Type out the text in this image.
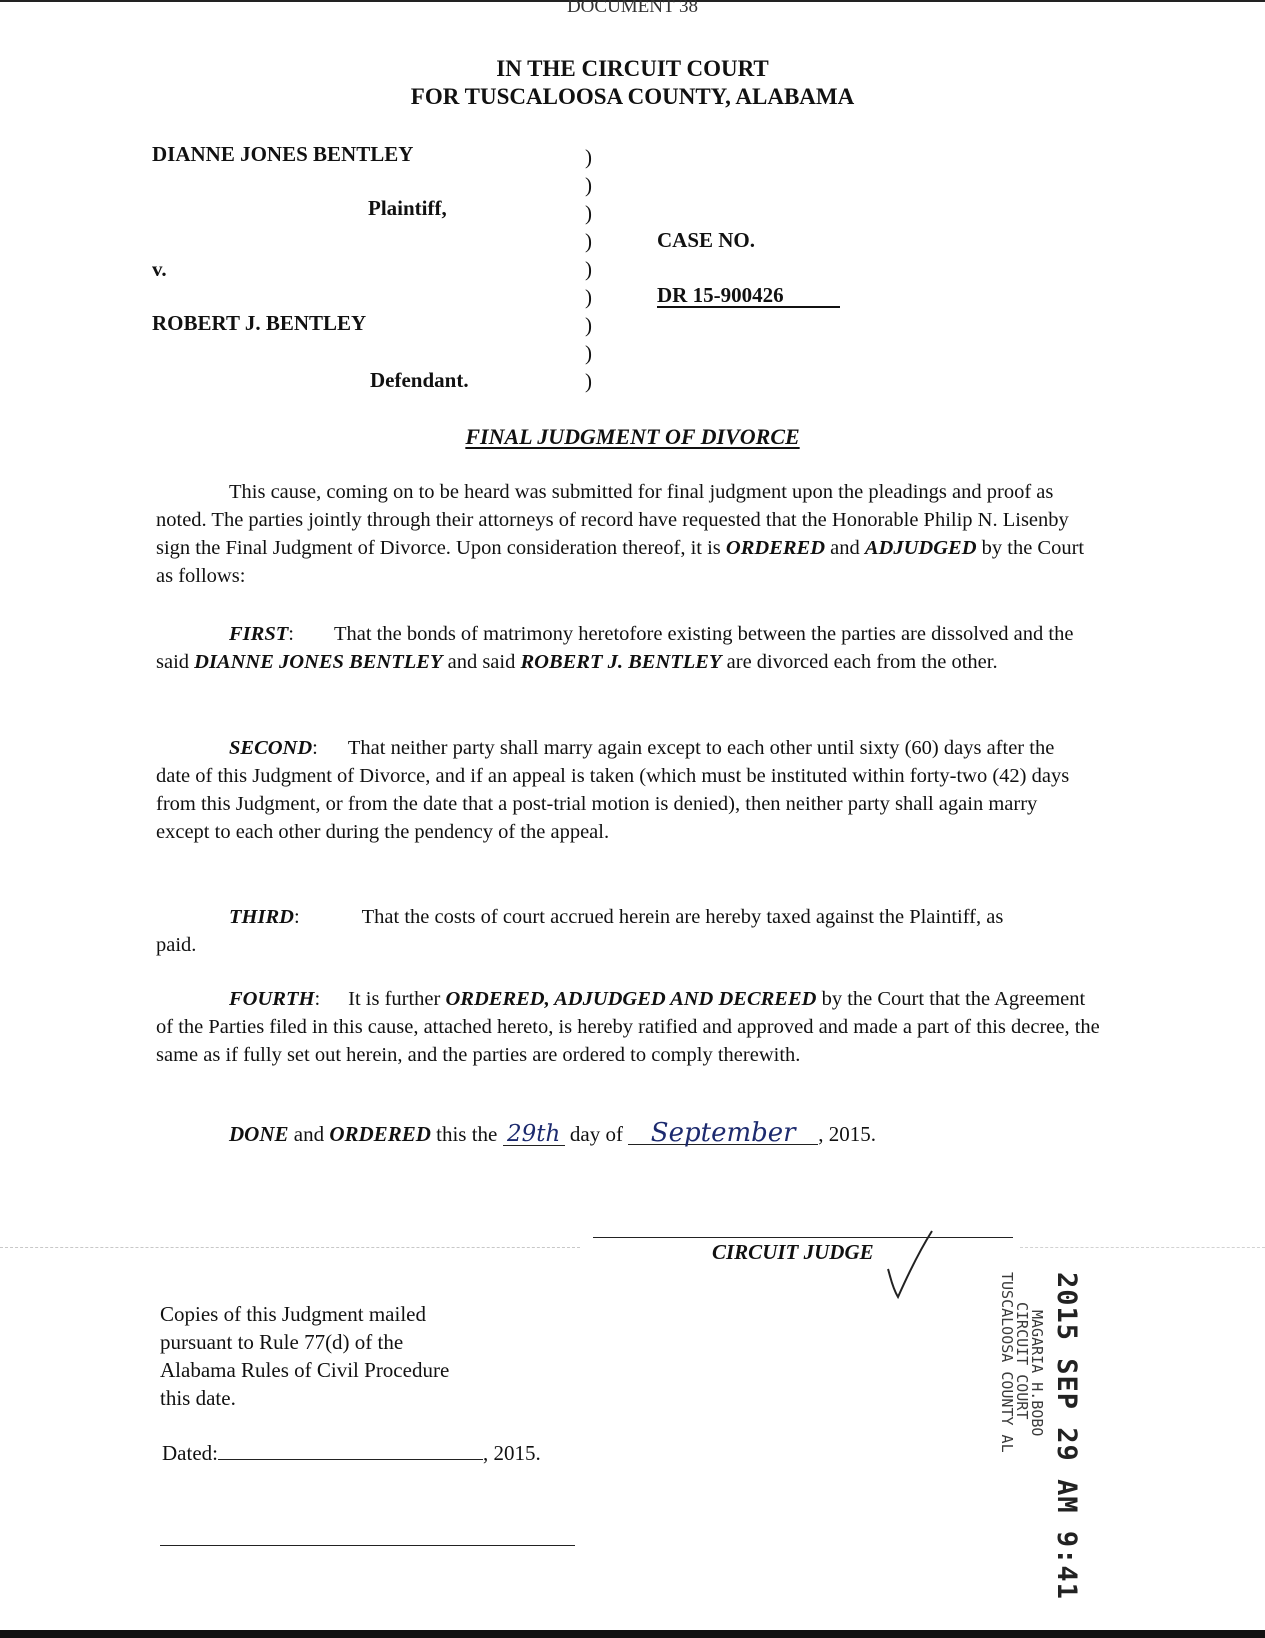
DOCUMENT 38
IN THE CIRCUIT COURT
FOR TUSCALOOSA COUNTY, ALABAMA
DIANNE JONES BENTLEY
Plaintiff,
v.
ROBERT J. BENTLEY
Defendant.
)
)
)
)
)
)
)
)
)
CASE NO.
DR 15-900426
FINAL JUDGMENT OF DIVORCE
This cause, coming on to be heard was submitted for final judgment upon the pleadings and proof as noted. The parties jointly through their attorneys of record have requested that the Honorable Philip N. Lisenby sign the Final Judgment of Divorce. Upon consideration thereof, it is ORDERED and ADJUDGED by the Court as follows:
FIRST: That the bonds of matrimony heretofore existing between the parties are dissolved and the said DIANNE JONES BENTLEY and said ROBERT J. BENTLEY are divorced each from the other.
SECOND: That neither party shall marry again except to each other until sixty (60) days after the date of this Judgment of Divorce, and if an appeal is taken (which must be instituted within forty-two (42) days from this Judgment, or from the date that a post-trial motion is denied), then neither party shall again marry except to each other during the pendency of the appeal.
THIRD:	That the costs of court accrued herein are hereby taxed against the Plaintiff, as paid.
FOURTH: It is further ORDERED, ADJUDGED AND DECREED by the Court that the Agreement of the Parties filed in this cause, attached hereto, is hereby ratified and approved and made a part of this decree, the same as if fully set out herein, and the parties are ordered to comply therewith.
DONE and ORDERED this the 29th day of September , 2015.
CIRCUIT JUDGE
Copies of this Judgment mailed
pursuant to Rule 77(d) of the
Alabama Rules of Civil Procedure
this date.
Dated:	, 2015.	2015 SEP 29 AM 9:41
MAGARIA H.BOBO
CIRCUIT COURT
TUSCALOOSA COUNTY AL
